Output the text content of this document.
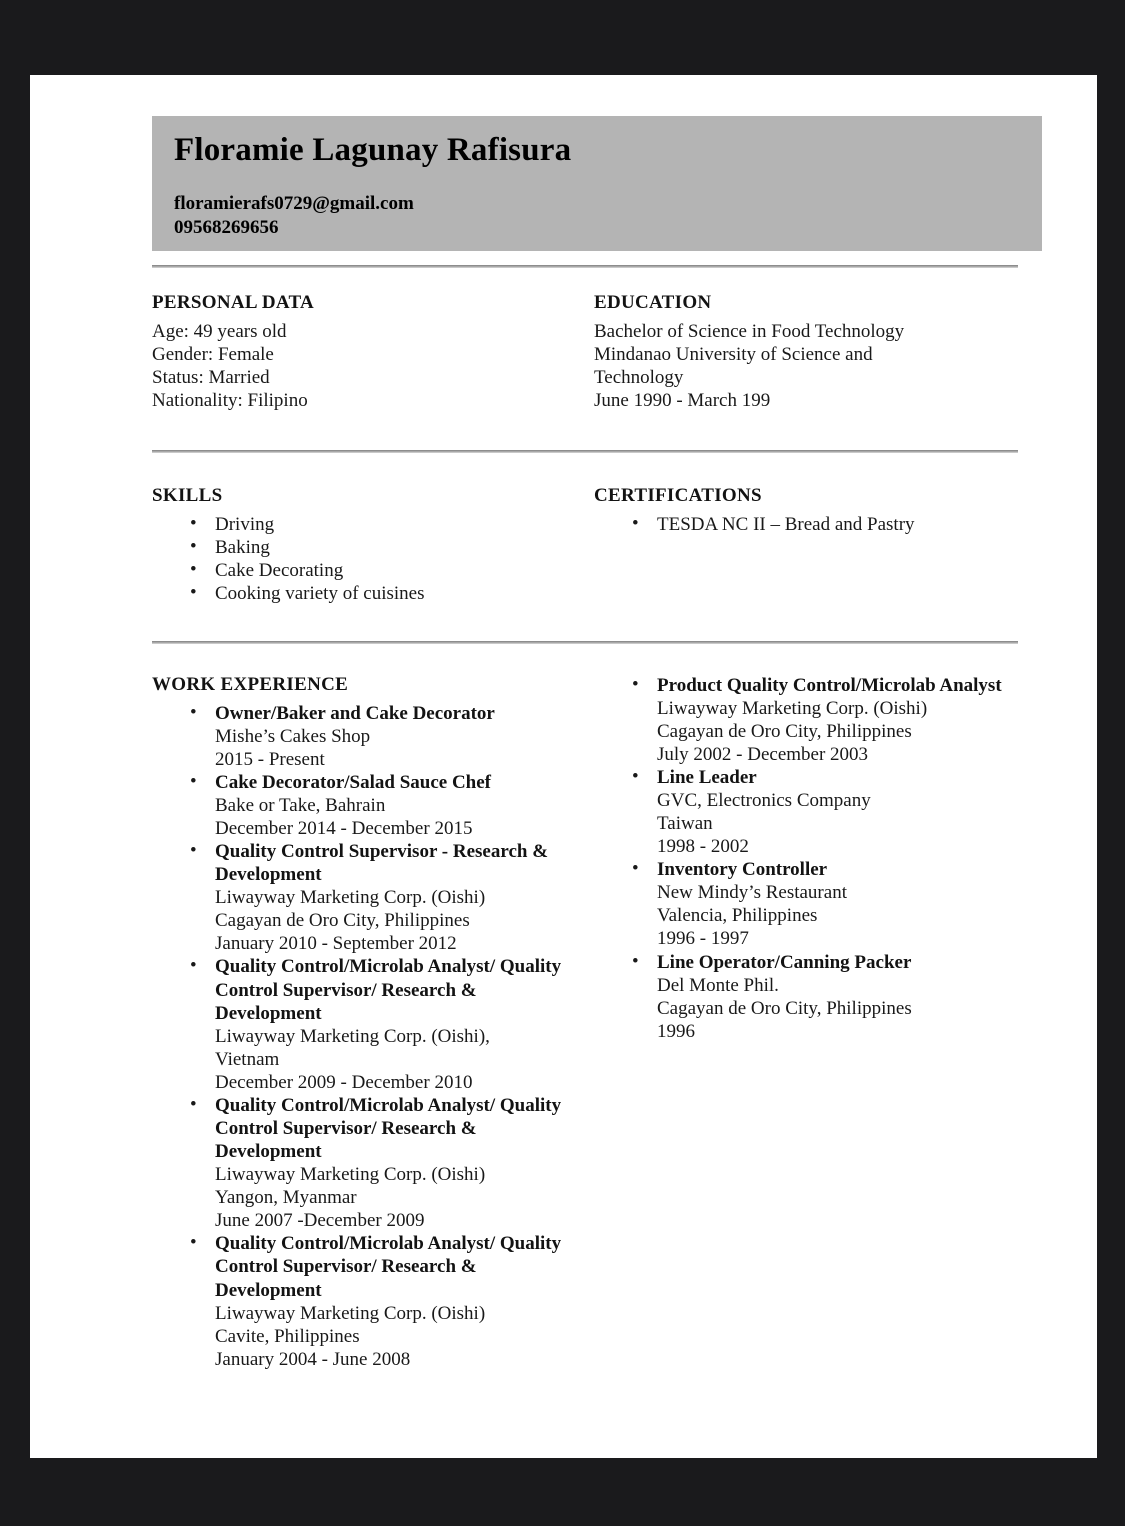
Floramie Lagunay Rafisura
floramierafs0729@gmail.com
09568269656
PERSONAL DATA
Age: 49 years old
Gender: Female
Status: Married
Nationality: Filipino
EDUCATION
Bachelor of Science in Food Technology
Mindanao University of Science and
Technology
June 1990 - March 199
SKILLS
• Driving
• Baking
• Cake Decorating
• Cooking variety of cuisines
CERTIFICATIONS
• TESDA NC II – Bread and Pastry
WORK EXPERIENCE
• Owner/Baker and Cake Decorator
Mishe’s Cakes Shop
2015 - Present
• Cake Decorator/Salad Sauce Chef
Bake or Take, Bahrain
December 2014 - December 2015
• Quality Control Supervisor - Research & Development
Liwayway Marketing Corp. (Oishi)
Cagayan de Oro City, Philippines
January 2010 - September 2012
• Quality Control/Microlab Analyst/ Quality Control Supervisor/ Research & Development
Liwayway Marketing Corp. (Oishi),
Vietnam
December 2009 - December 2010
• Quality Control/Microlab Analyst/ Quality Control Supervisor/ Research & Development
Liwayway Marketing Corp. (Oishi)
Yangon, Myanmar
June 2007 -December 2009
• Quality Control/Microlab Analyst/ Quality Control Supervisor/ Research & Development
Liwayway Marketing Corp. (Oishi)
Cavite, Philippines
January 2004 - June 2008
• Product Quality Control/Microlab Analyst
Liwayway Marketing Corp. (Oishi)
Cagayan de Oro City, Philippines
July 2002 - December 2003
• Line Leader
GVC, Electronics Company
Taiwan
1998 - 2002
• Inventory Controller
New Mindy’s Restaurant
Valencia, Philippines
1996 - 1997
• Line Operator/Canning Packer
Del Monte Phil.
Cagayan de Oro City, Philippines
1996
